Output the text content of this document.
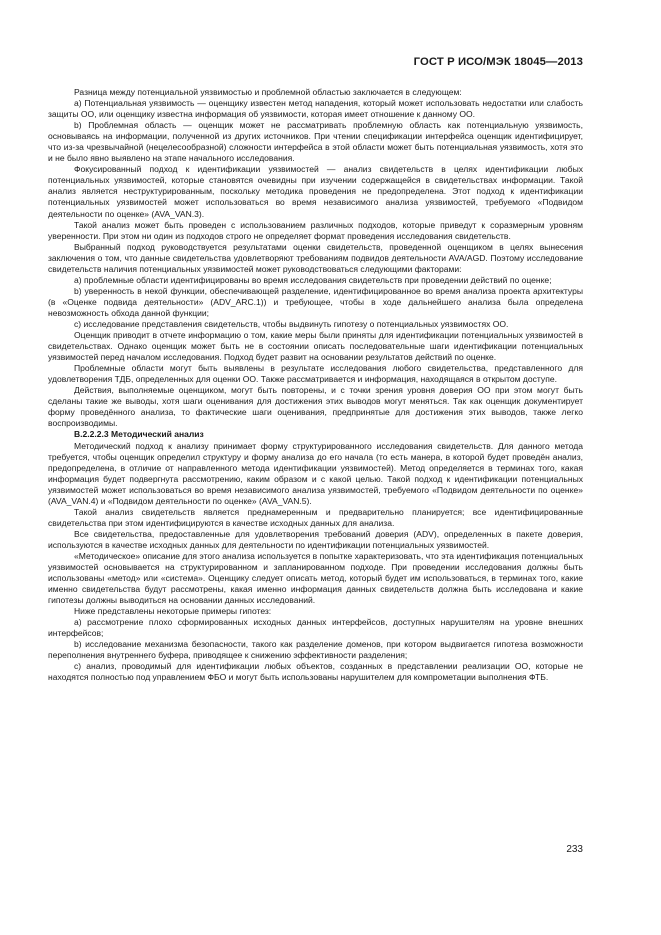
ГОСТ Р ИСО/МЭК 18045—2013

Разница между потенциальной уязвимостью и проблемной областью заключается в следующем:

а) Потенциальная уязвимость — оценщику известен метод нападения, который может использовать недостатки или слабость защиты ОО, или оценщику известна информация об уязвимости, которая имеет отношение к данному ОО.

b) Проблемная область — оценщик может не рассматривать проблемную область как потенциальную уязвимость, основываясь на информации, полученной из других источников. При чтении спецификации интерфейса оценщик идентифицирует, что из-за чрезвычайной (нецелесообразной) сложности интерфейса в этой области может быть потенциальная уязвимость, хотя это и не было явно выявлено на этапе начального исследования.

Фокусированный подход к идентификации уязвимостей — анализ свидетельств в целях идентификации любых потенциальных уязвимостей, которые становятся очевидны при изучении содержащейся в свидетельствах информации. Такой анализ является неструктурированным, поскольку методика проведения не предопределена. Этот подход к идентификации потенциальных уязвимостей может использоваться во время независимого анализа уязвимостей, требуемого «Подвидом деятельности по оценке» (AVA_VAN.3).

Такой анализ может быть проведен с использованием различных подходов, которые приведут к соразмерным уровням уверенности. При этом ни один из подходов строго не определяет формат проведения исследования свидетельств.

Выбранный подход руководствуется результатами оценки свидетельств, проведенной оценщиком в целях вынесения заключения о том, что данные свидетельства удовлетворяют требованиям подвидов деятельности AVA/AGD. Поэтому исследование свидетельств наличия потенциальных уязвимостей может руководствоваться следующими факторами:

а) проблемные области идентифицированы во время исследования свидетельств при проведении действий по оценке;

b) уверенность в некой функции, обеспечивающей разделение, идентифицированное во время анализа проекта архитектуры (в «Оценке подвида деятельности» (ADV_ARC.1)) и требующее, чтобы в ходе дальнейшего анализа была определена невозможность обхода данной функции;

с) исследование представления свидетельств, чтобы выдвинуть гипотезу о потенциальных уязвимостях ОО.

Оценщик приводит в отчете информацию о том, какие меры были приняты для идентификации потенциальных уязвимостей в свидетельствах. Однако оценщик может быть не в состоянии описать последовательные шаги идентификации потенциальных уязвимостей перед началом исследования. Подход будет развит на основании результатов действий по оценке.

Проблемные области могут быть выявлены в результате исследования любого свидетельства, представленного для удовлетворения ТДБ, определенных для оценки ОО. Также рассматривается и информация, находящаяся в открытом доступе.

Действия, выполняемые оценщиком, могут быть повторены, и с точки зрения уровня доверия ОО при этом могут быть сделаны такие же выводы, хотя шаги оценивания для достижения этих выводов могут меняться. Так как оценщик документирует форму проведённого анализа, то фактические шаги оценивания, предпринятые для достижения этих выводов, также легко воспроизводимы.

В.2.2.2.3 Методический анализ

Методический подход к анализу принимает форму структурированного исследования свидетельств. Для данного метода требуется, чтобы оценщик определил структуру и форму анализа до его начала (то есть манера, в которой будет проведён анализ, предопределена, в отличие от направленного метода идентификации уязвимостей). Метод определяется в терминах того, какая информация будет подвергнута рассмотрению, каким образом и с какой целью. Такой подход к идентификации потенциальных уязвимостей может использоваться во время независимого анализа уязвимостей, требуемого «Подвидом деятельности по оценке» (AVA_VAN.4) и «Подвидом деятельности по оценке» (AVA_VAN.5).

Такой анализ свидетельств является преднамеренным и предварительно планируется; все идентифицированные свидетельства при этом идентифицируются в качестве исходных данных для анализа.

Все свидетельства, предоставленные для удовлетворения требований доверия (ADV), определенных в пакете доверия, используются в качестве исходных данных для деятельности по идентификации потенциальных уязвимостей.

«Методическое» описание для этого анализа используется в попытке характеризовать, что эта идентификация потенциальных уязвимостей основывается на структурированном и запланированном подходе. При проведении исследования должны быть использованы «метод» или «система». Оценщику следует описать метод, который будет им использоваться, в терминах того, какие именно свидетельства будут рассмотрены, какая именно информация данных свидетельств должна быть исследована и какие гипотезы должны выводиться на основании данных исследований.

Ниже представлены некоторые примеры гипотез:

а) рассмотрение плохо сформированных исходных данных интерфейсов, доступных нарушителям на уровне внешних интерфейсов;

b) исследование механизма безопасности, такого как разделение доменов, при котором выдвигается гипотеза возможности переполнения внутреннего буфера, приводящее к снижению эффективности разделения;

с) анализ, проводимый для идентификации любых объектов, созданных в представлении реализации ОО, которые не находятся полностью под управлением ФБО и могут быть использованы нарушителем для компрометации выполнения ФТБ.

233
